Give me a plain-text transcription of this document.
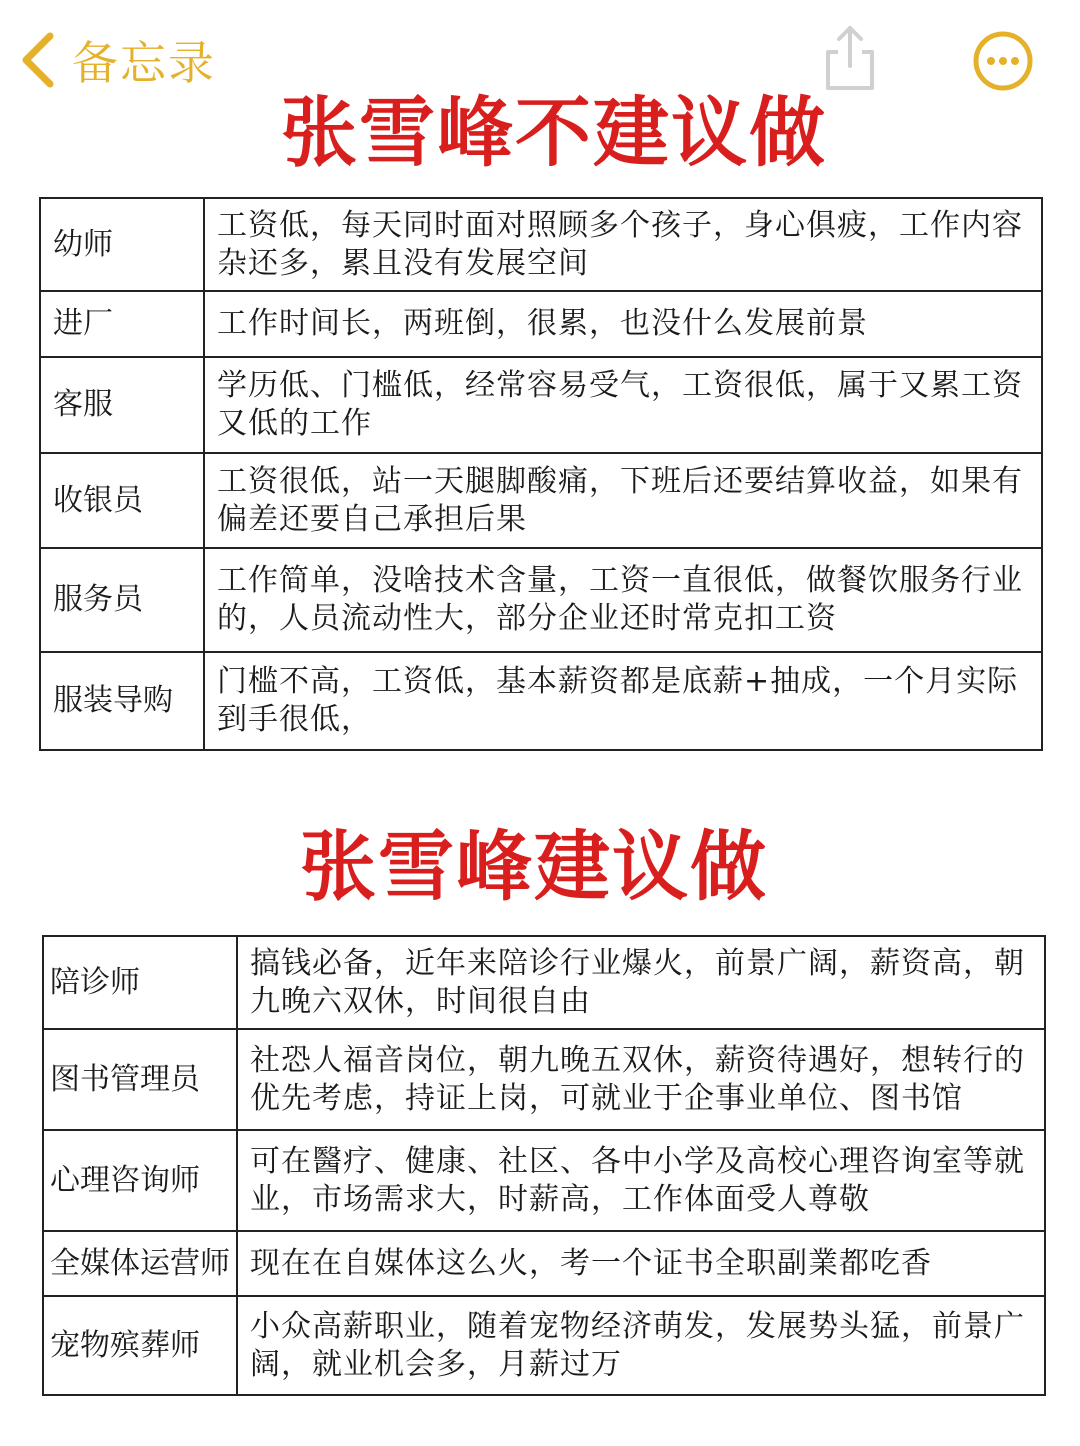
备忘录
张雪峰不建议做
幼师	工资低，每天同时面对照顾多个孩子，身心俱疲，工作内容杂还多，累且没有发展空间
进厂	工作时间长，两班倒，很累，也没什么发展前景
客服	学历低、门槛低，经常容易受气，工资很低，属于又累工资又低的工作
收银员	工资很低，站一天腿脚酸痛，下班后还要结算收益，如果有偏差还要自己承担后果
服务员	工作简单，没啥技术含量，工资一直很低，做餐饮服务行业的，人员流动性大，部分企业还时常克扣工资
服装导购	门槛不高，工资低，基本薪资都是底薪+抽成，一个月实际到手很低，
张雪峰建议做
陪诊师	搞钱必备，近年来陪诊行业爆火，前景广阔，薪资高，朝九晚六双休，时间很自由
图书管理员	社恐人福音岗位，朝九晚五双休，薪资待遇好，想转行的优先考虑，持证上岗，可就业于企事业单位、图书馆
心理咨询师	可在醫疗、健康、社区、各中小学及高校心理咨询室等就业，市场需求大，时薪高，工作体面受人尊敬
全媒体运营师	现在在自媒体这么火，考一个证书全职副業都吃香
宠物殡葬师	小众高薪职业，随着宠物经济萌发，发展势头猛，前景广阔，就业机会多，月薪过万
